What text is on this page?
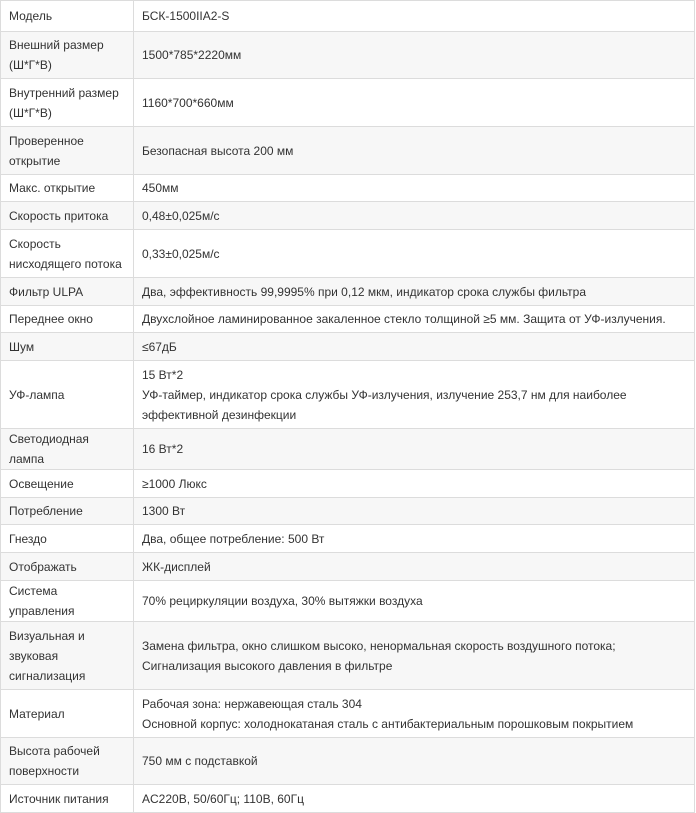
Модель	БСК-1500IIA2-S

Внешний размер
(Ш*Г*В)	1500*785*2220мм

Внутренний размер
(Ш*Г*В)	1160*700*660мм

Проверенное
открытие	Безопасная высота 200 мм

Макс. открытие	450мм

Скорость притока	0,48±0,025м/с

Скорость
нисходящего потока	0,33±0,025м/с

Фильтр ULPA	Два, эффективность 99,9995% при 0,12 мкм, индикатор срока службы фильтра

Переднее окно	Двухслойное ламинированное закаленное стекло толщиной ≥5 мм. Защита от УФ-излучения.

Шум	≤67дБ

УФ-лампа	15 Вт*2
УФ-таймер, индикатор срока службы УФ-излучения, излучение 253,7 нм для наиболее эффективной дезинфекции

Светодиодная лампа	16 Вт*2

Освещение	≥1000 Люкс

Потребление	1300 Вт

Гнездо	Два, общее потребление: 500 Вт

Отображать	ЖК-дисплей

Система управления	70% рециркуляции воздуха, 30% вытяжки воздуха

Визуальная и
звуковая
сигнализация	Замена фильтра, окно слишком высоко, ненормальная скорость воздушного потока; Сигнализация высокого давления в фильтре

Материал	Рабочая зона: нержавеющая сталь 304
Основной корпус: холоднокатаная сталь с антибактериальным порошковым покрытием

Высота рабочей
поверхности	750 мм с подставкой

Источник питания	AC220В, 50/60Гц; 110В, 60Гц
